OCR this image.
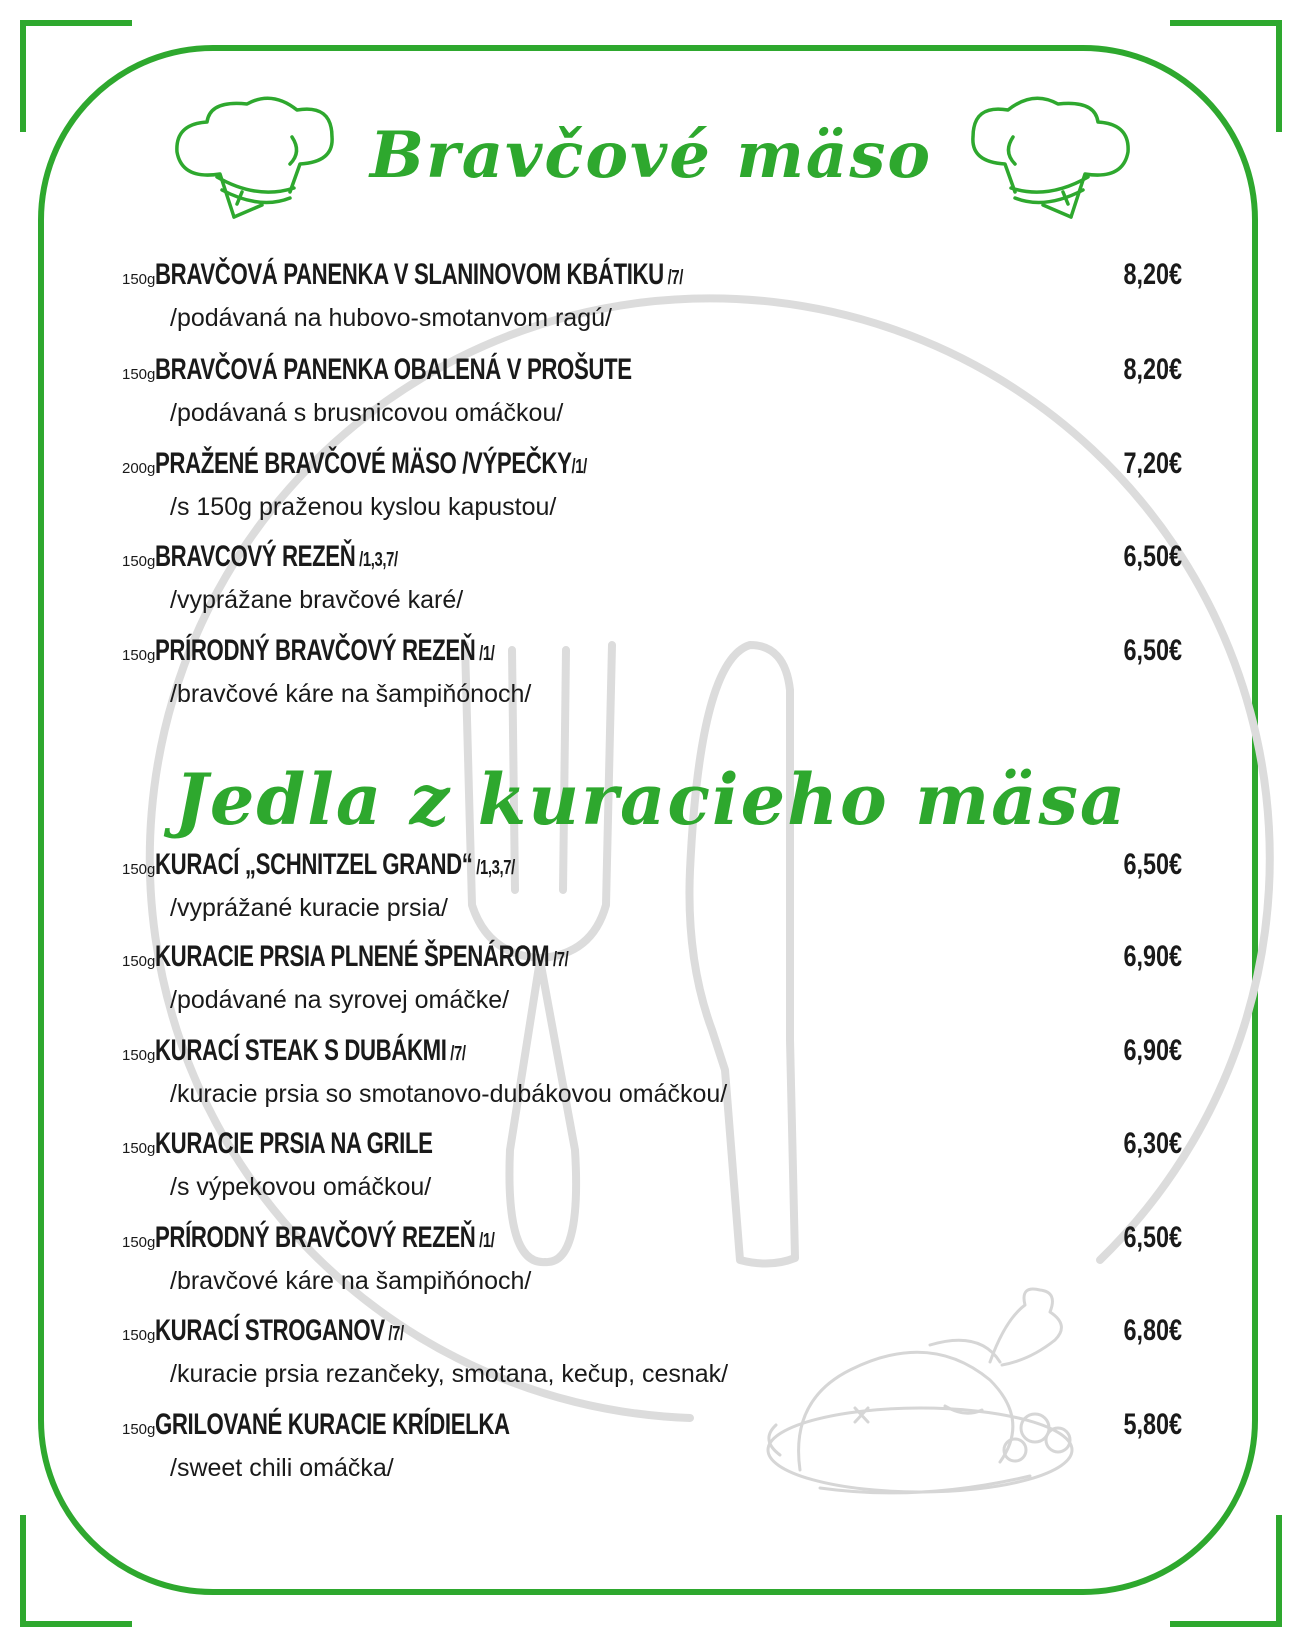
Bravčové mäso
150gBRAVČOVÁ PANENKA V SLANINOVOM KBÁTIKU /7/
/podávaná na hubovo-smotanvom ragú/
8,20€
150gBRAVČOVÁ PANENKA OBALENÁ V PROŠUTE
/podávaná s brusnicovou omáčkou/
8,20€
200gPRAŽENÉ BRAVČOVÉ MÄSO /VÝPEČKY/1/
/s 150g praženou kyslou kapustou/
7,20€
150gBRAVCOVÝ REZEŇ /1,3,7/
/vyprážane bravčové karé/
6,50€
150gPRÍRODNÝ BRAVČOVÝ REZEŇ /1/
/bravčové káre na šampiňónoch/
6,50€
Jedla z kuracieho mäsa
150gKURACÍ „SCHNITZEL GRAND“ /1,3,7/
/vyprážané kuracie prsia/
6,50€
150gKURACIE PRSIA PLNENÉ ŠPENÁROM /7/
/podávané na syrovej omáčke/
6,90€
150gKURACÍ STEAK S DUBÁKMI /7/
/kuracie prsia so smotanovo-dubákovou omáčkou/
6,90€
150gKURACIE PRSIA NA GRILE
/s výpekovou omáčkou/
6,30€
150gPRÍRODNÝ BRAVČOVÝ REZEŇ /1/
/bravčové káre na šampiňónoch/
6,50€
150gKURACÍ STROGANOV /7/
/kuracie prsia rezančeky, smotana, kečup, cesnak/
6,80€
150gGRILOVANÉ KURACIE KRÍDIELKA
/sweet chili omáčka/
5,80€
